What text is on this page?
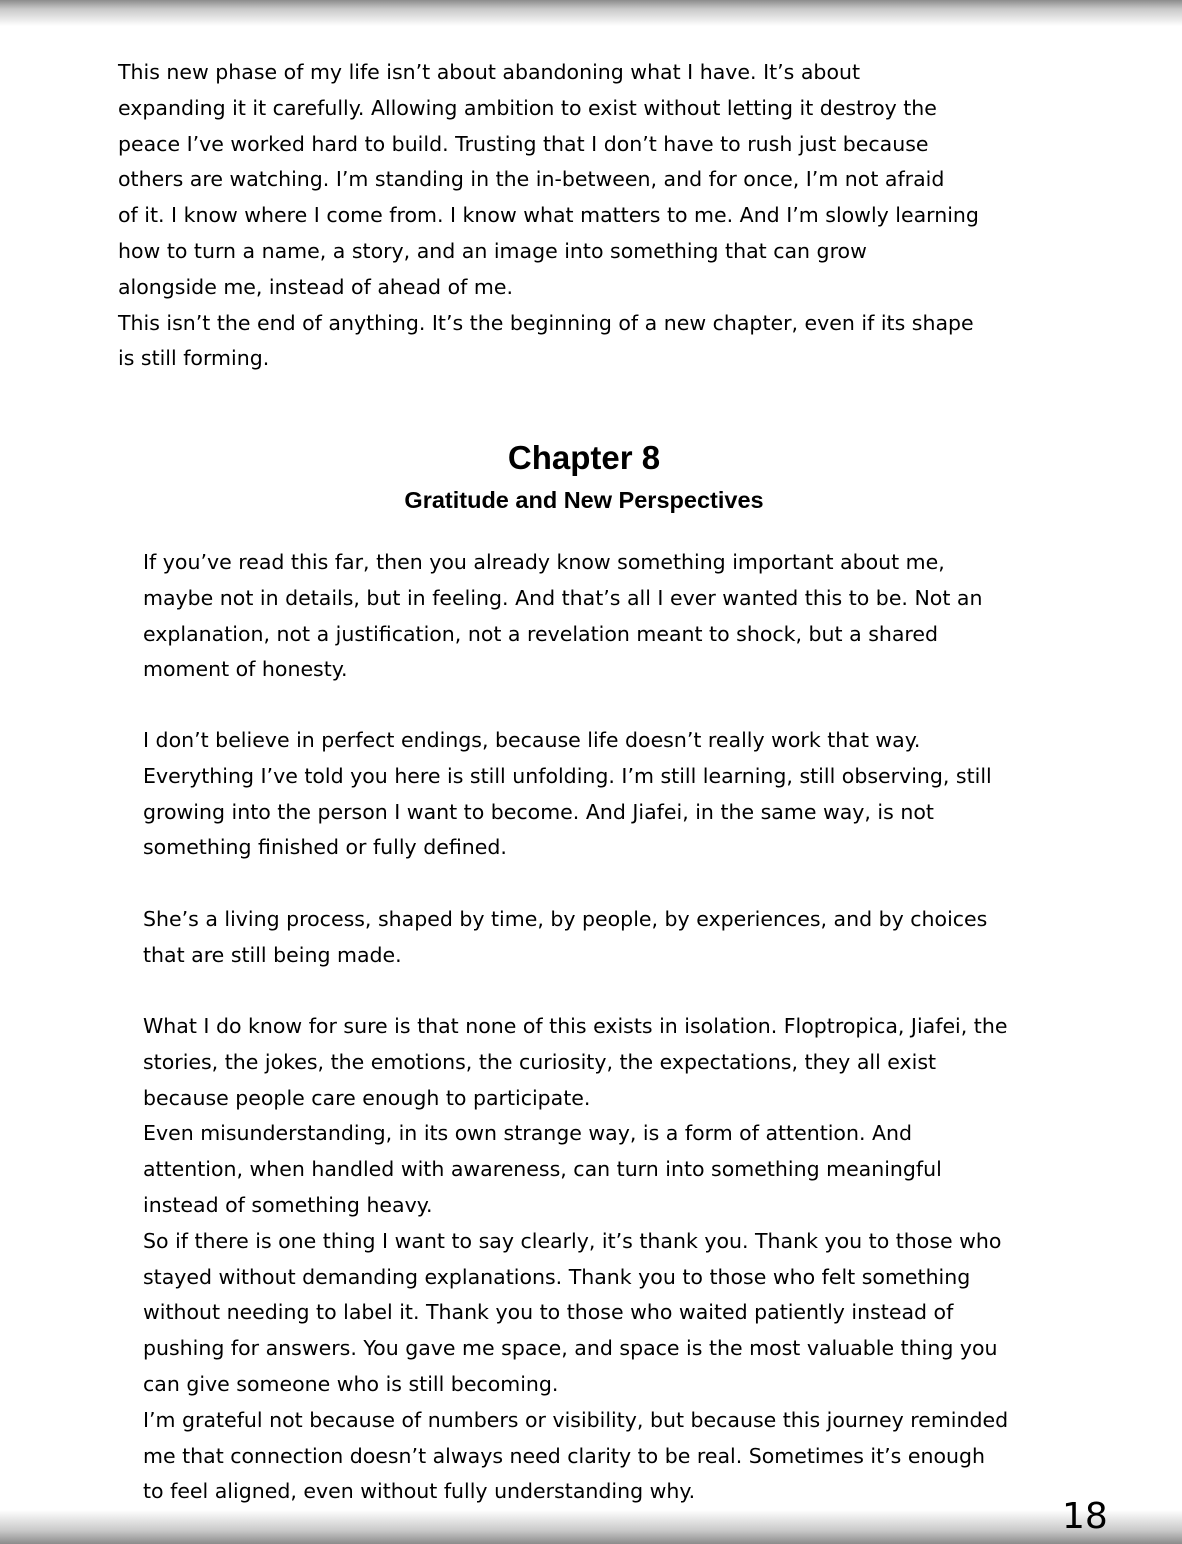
This new phase of my life isn’t about abandoning what I have. It’s about
expanding it it carefully. Allowing ambition to exist without letting it destroy the
peace I’ve worked hard to build. Trusting that I don’t have to rush just because
others are watching. I’m standing in the in-between, and for once, I’m not afraid
of it. I know where I come from. I know what matters to me. And I’m slowly learning
how to turn a name, a story, and an image into something that can grow
alongside me, instead of ahead of me.
This isn’t the end of anything. It’s the beginning of a new chapter, even if its shape
is still forming.
Chapter 8
Gratitude and New Perspectives
If you’ve read this far, then you already know something important about me,
maybe not in details, but in feeling. And that’s all I ever wanted this to be. Not an
explanation, not a justification, not a revelation meant to shock, but a shared
moment of honesty.
I don’t believe in perfect endings, because life doesn’t really work that way.
Everything I’ve told you here is still unfolding. I’m still learning, still observing, still
growing into the person I want to become. And Jiafei, in the same way, is not
something finished or fully defined.
She’s a living process, shaped by time, by people, by experiences, and by choices
that are still being made.
What I do know for sure is that none of this exists in isolation. Floptropica, Jiafei, the
stories, the jokes, the emotions, the curiosity, the expectations, they all exist
because people care enough to participate.
Even misunderstanding, in its own strange way, is a form of attention. And
attention, when handled with awareness, can turn into something meaningful
instead of something heavy.
So if there is one thing I want to say clearly, it’s thank you. Thank you to those who
stayed without demanding explanations. Thank you to those who felt something
without needing to label it. Thank you to those who waited patiently instead of
pushing for answers. You gave me space, and space is the most valuable thing you
can give someone who is still becoming.
I’m grateful not because of numbers or visibility, but because this journey reminded
me that connection doesn’t always need clarity to be real. Sometimes it’s enough
to feel aligned, even without fully understanding why.
18
